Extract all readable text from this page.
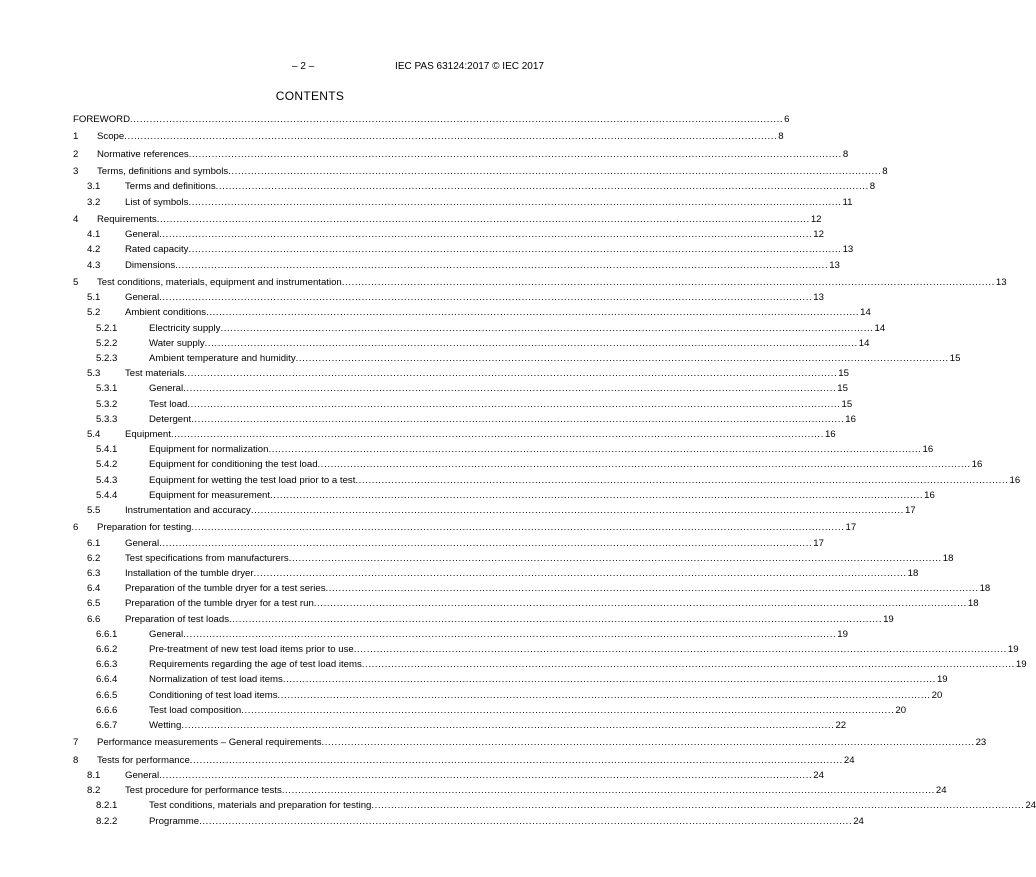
– 2 –	IEC PAS 63124:2017 © IEC 2017
CONTENTS
FOREWORD ........................................................................................................................................................................................................ 6
1 Scope ........................................................................................................................................................................................................ 8
2 Normative references ........................................................................................................................................................................................................ 8
3 Terms, definitions and symbols ........................................................................................................................................................................................................ 8
3.1	Terms and definitions ........................................................................................................................................................................................................ 8
3.2	List of symbols ........................................................................................................................................................................................................ 11
4 Requirements ........................................................................................................................................................................................................ 12
4.1	General ........................................................................................................................................................................................................ 12
4.2	Rated capacity ........................................................................................................................................................................................................ 13
4.3	Dimensions ........................................................................................................................................................................................................ 13
5 Test conditions, materials, equipment and instrumentation ........................................................................................................................................................................................................ 13
5.1	General ........................................................................................................................................................................................................ 13
5.2	Ambient conditions ........................................................................................................................................................................................................ 14
5.2.1	Electricity supply ........................................................................................................................................................................................................ 14
5.2.2	Water supply ........................................................................................................................................................................................................ 14
5.2.3	Ambient temperature and humidity ........................................................................................................................................................................................................ 15
5.3	Test materials ........................................................................................................................................................................................................ 15
5.3.1	General ........................................................................................................................................................................................................ 15
5.3.2	Test load ........................................................................................................................................................................................................ 15
5.3.3	Detergent ........................................................................................................................................................................................................ 16
5.4	Equipment ........................................................................................................................................................................................................ 16
5.4.1	Equipment for normalization ........................................................................................................................................................................................................ 16
5.4.2	Equipment for conditioning the test load ........................................................................................................................................................................................................ 16
5.4.3	Equipment for wetting the test load prior to a test ........................................................................................................................................................................................................ 16
5.4.4	Equipment for measurement ........................................................................................................................................................................................................ 16
5.5	Instrumentation and accuracy ........................................................................................................................................................................................................ 17
6 Preparation for testing ........................................................................................................................................................................................................ 17
6.1	General ........................................................................................................................................................................................................ 17
6.2	Test specifications from manufacturers ........................................................................................................................................................................................................ 18
6.3	Installation of the tumble dryer ........................................................................................................................................................................................................ 18
6.4	Preparation of the tumble dryer for a test series ........................................................................................................................................................................................................ 18
6.5	Preparation of the tumble dryer for a test run ........................................................................................................................................................................................................ 18
6.6	Preparation of test loads ........................................................................................................................................................................................................ 19
6.6.1	General ........................................................................................................................................................................................................ 19
6.6.2	Pre-treatment of new test load items prior to use ........................................................................................................................................................................................................ 19
6.6.3	Requirements regarding the age of test load items ........................................................................................................................................................................................................ 19
6.6.4	Normalization of test load items ........................................................................................................................................................................................................ 19
6.6.5	Conditioning of test load items ........................................................................................................................................................................................................ 20
6.6.6	Test load composition ........................................................................................................................................................................................................ 20
6.6.7	Wetting ........................................................................................................................................................................................................ 22
7 Performance measurements – General requirements ........................................................................................................................................................................................................ 23
8 Tests for performance ........................................................................................................................................................................................................ 24
8.1	General ........................................................................................................................................................................................................ 24
8.2	Test procedure for performance tests ........................................................................................................................................................................................................ 24
8.2.1	Test conditions, materials and preparation for testing ........................................................................................................................................................................................................ 24
8.2.2	Programme ........................................................................................................................................................................................................ 24
